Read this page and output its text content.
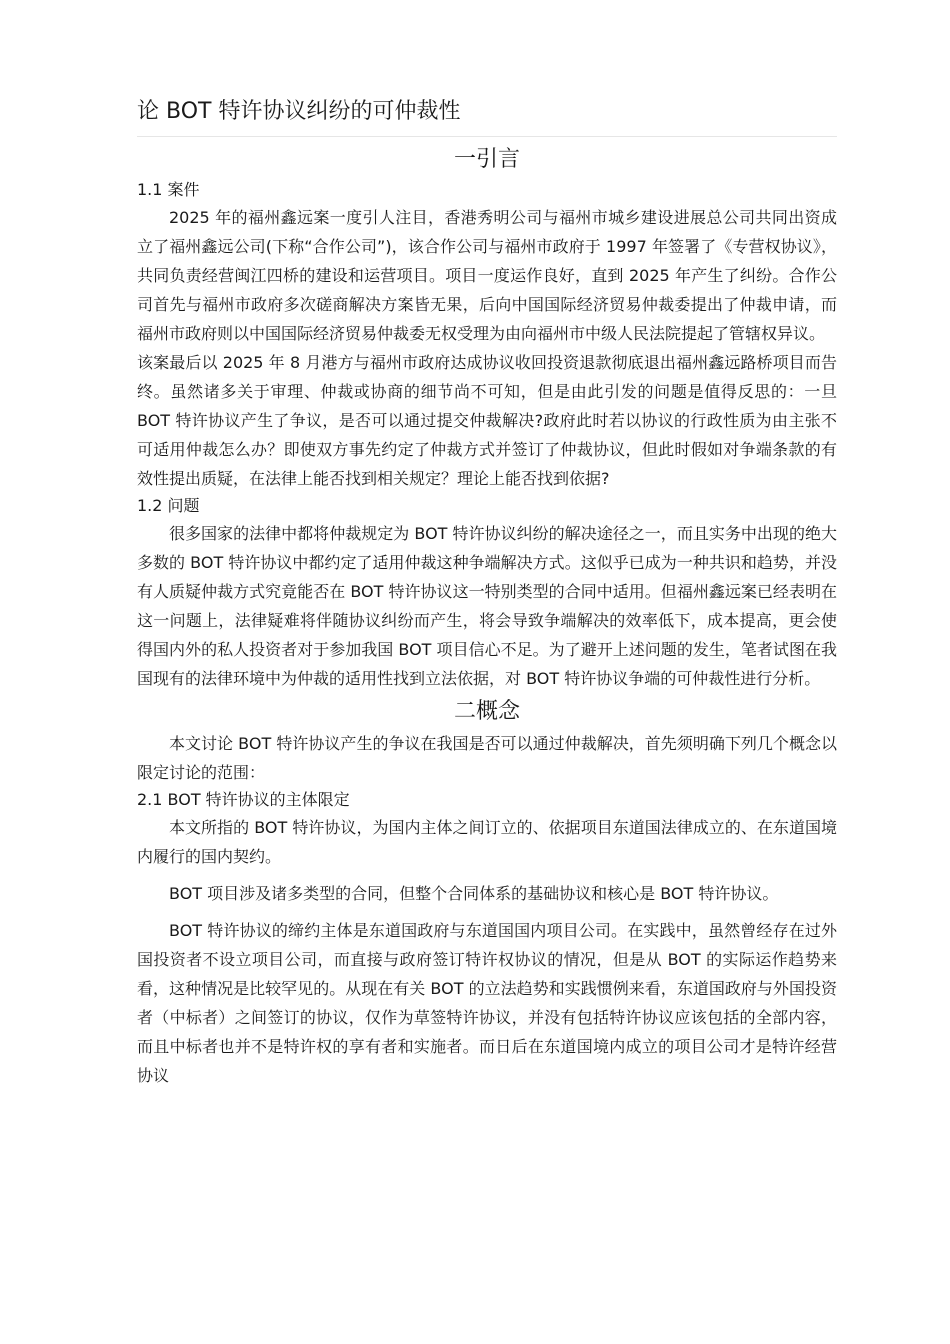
论 BOT 特许协议纠纷的可仲裁性
一引言
1.1 案件

2025 年的福州鑫远案一度引人注目，香港秀明公司与福州市城乡建设进展总公司共同出资成立了福州鑫远公司(下称“合作公司”)，该合作公司与福州市政府于 1997 年签署了《专营权协议》，共同负责经营闽江四桥的建设和运营项目。项目一度运作良好，直到 2025 年产生了纠纷。合作公司首先与福州市政府多次磋商解决方案皆无果，后向中国国际经济贸易仲裁委提出了仲裁申请，而福州市政府则以中国国际经济贸易仲裁委无权受理为由向福州市中级人民法院提起了管辖权异议。

该案最后以 2025 年 8 月港方与福州市政府达成协议收回投资退款彻底退出福州鑫远路桥项目而告终。虽然诸多关于审理、仲裁或协商的细节尚不可知，但是由此引发的问题是值得反思的：一旦 BOT 特许协议产生了争议，是否可以通过提交仲裁解决?政府此时若以协议的行政性质为由主张不可适用仲裁怎么办？即使双方事先约定了仲裁方式并签订了仲裁协议，但此时假如对争端条款的有效性提出质疑，在法律上能否找到相关规定？理论上能否找到依据?

1.2 问题

很多国家的法律中都将仲裁规定为 BOT 特许协议纠纷的解决途径之一，而且实务中出现的绝大多数的 BOT 特许协议中都约定了适用仲裁这种争端解决方式。这似乎已成为一种共识和趋势，并没有人质疑仲裁方式究竟能否在 BOT 特许协议这一特别类型的合同中适用。但福州鑫远案已经表明在这一问题上，法律疑难将伴随协议纠纷而产生，将会导致争端解决的效率低下，成本提高，更会使得国内外的私人投资者对于参加我国 BOT 项目信心不足。为了避开上述问题的发生，笔者试图在我国现有的法律环境中为仲裁的适用性找到立法依据，对 BOT 特许协议争端的可仲裁性进行分析。

二概念

本文讨论 BOT 特许协议产生的争议在我国是否可以通过仲裁解决，首先须明确下列几个概念以限定讨论的范围：

2.1 BOT 特许协议的主体限定

本文所指的 BOT 特许协议，为国内主体之间订立的、依据项目东道国法律成立的、在东道国境内履行的国内契约。

BOT 项目涉及诸多类型的合同，但整个合同体系的基础协议和核心是 BOT 特许协议。

BOT 特许协议的缔约主体是东道国政府与东道国国内项目公司。在实践中，虽然曾经存在过外国投资者不设立项目公司，而直接与政府签订特许权协议的情况，但是从 BOT 的实际运作趋势来看，这种情况是比较罕见的。从现在有关 BOT 的立法趋势和实践惯例来看，东道国政府与外国投资者（中标者）之间签订的协议，仅作为草签特许协议，并没有包括特许协议应该包括的全部内容，而且中标者也并不是特许权的享有者和实施者。而日后在东道国境内成立的项目公司才是特许经营协议
